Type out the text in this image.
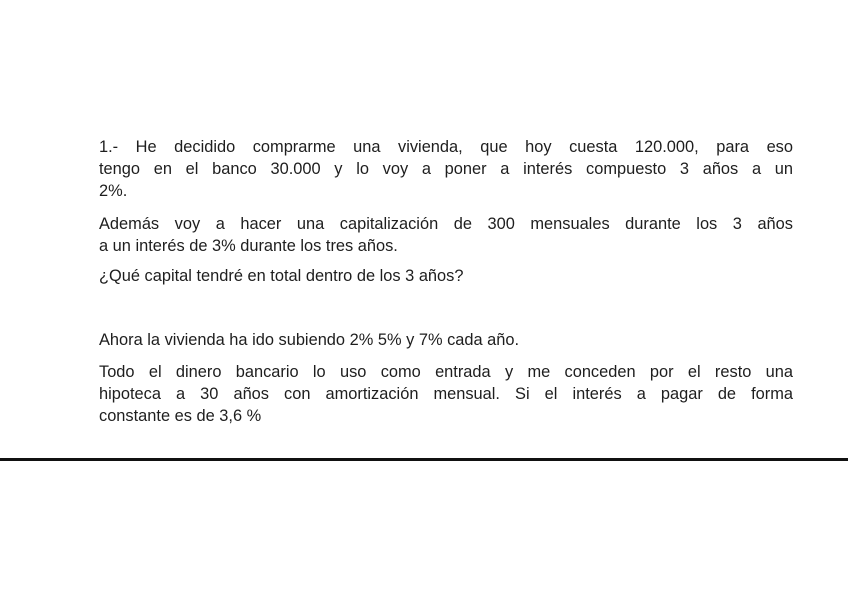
1.- He decidido comprarme una vivienda, que hoy cuesta 120.000, para eso
tengo en el banco 30.000 y lo voy a poner a interés compuesto 3 años a un
2%.

Además voy a hacer una capitalización de 300 mensuales durante los 3 años
a un interés de 3% durante los tres años.

¿Qué capital tendré en total dentro de los 3 años?

Ahora la vivienda ha ido subiendo 2% 5% y 7% cada año.

Todo el dinero bancario lo uso como entrada y me conceden por el resto una
hipoteca a 30 años con amortización mensual. Si el interés a pagar de forma
constante es de 3,6 %
